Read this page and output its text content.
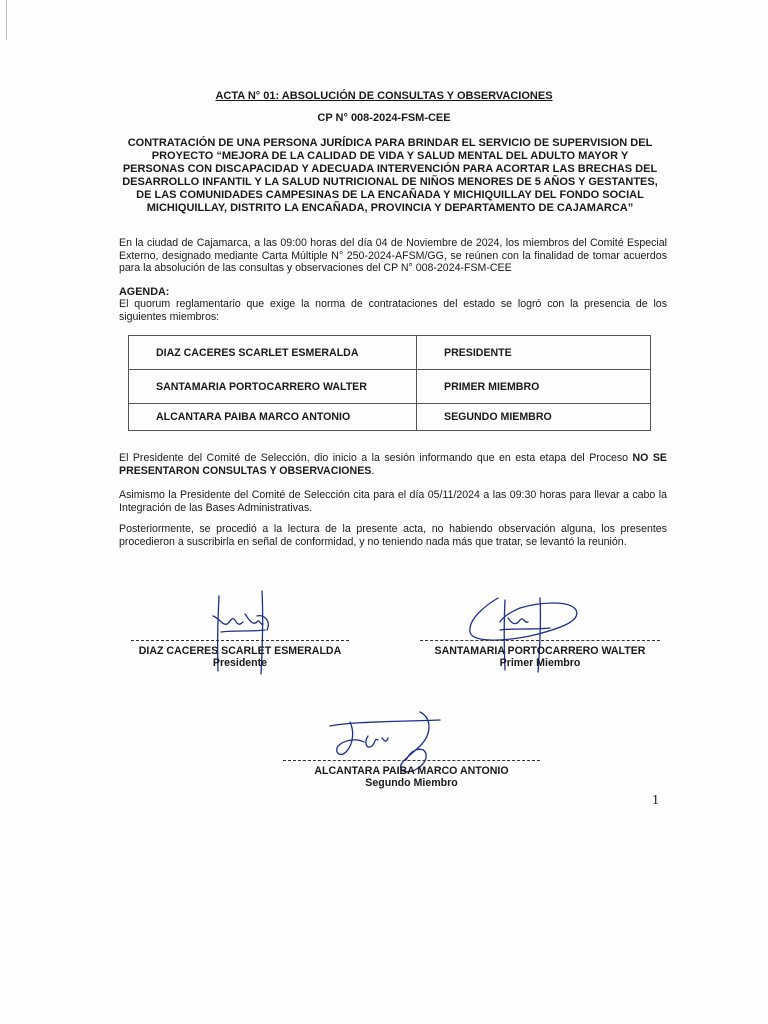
ACTA N° 01: ABSOLUCIÓN DE CONSULTAS Y OBSERVACIONES
CP N° 008-2024-FSM-CEE
CONTRATACIÓN DE UNA PERSONA JURÍDICA PARA BRINDAR EL SERVICIO DE SUPERVISION DEL PROYECTO “MEJORA DE LA CALIDAD DE VIDA Y SALUD MENTAL DEL ADULTO MAYOR Y PERSONAS CON DISCAPACIDAD Y ADECUADA INTERVENCIÓN PARA ACORTAR LAS BRECHAS DEL DESARROLLO INFANTIL Y LA SALUD NUTRICIONAL DE NIÑOS MENORES DE 5 AÑOS Y GESTANTES, DE LAS COMUNIDADES CAMPESINAS DE LA ENCAÑADA Y MICHIQUILLAY DEL FONDO SOCIAL MICHIQUILLAY, DISTRITO LA ENCAÑADA, PROVINCIA Y DEPARTAMENTO DE CAJAMARCA”
En la ciudad de Cajamarca, a las 09:00 horas del día 04 de Noviembre de 2024, los miembros del Comité Especial Externo, designado mediante Carta Múltiple N° 250-2024-AFSM/GG, se reúnen con la finalidad de tomar acuerdos para la absolución de las consultas y observaciones del CP N° 008-2024-FSM-CEE
AGENDA:
El quorum reglamentario que exige la norma de contrataciones del estado se logró con la presencia de los siguientes miembros:
DIAZ CACERES SCARLET ESMERALDA	PRESIDENTE
SANTAMARIA PORTOCARRERO WALTER	PRIMER MIEMBRO
ALCANTARA PAIBA MARCO ANTONIO	SEGUNDO MIEMBRO
El Presidente del Comité de Selección, dio inicio a la sesión informando que en esta etapa del Proceso NO SE PRESENTARON CONSULTAS Y OBSERVACIONES.
Asimismo la Presidente del Comité de Selección cita para el día 05/11/2024 a las 09:30 horas para llevar a cabo la Integración de las Bases Administrativas.
Posteriormente, se procedió a la lectura de la presente acta, no habiendo observación alguna, los presentes procedieron a suscribirla en señal de conformidad, y no teniendo nada más que tratar, se levantó la reunión.
DIAZ CACERES SCARLET ESMERALDA
Presidente
SANTAMARIA PORTOCARRERO WALTER
Primer Miembro
ALCANTARA PAIBA MARCO ANTONIO
Segundo Miembro
1
